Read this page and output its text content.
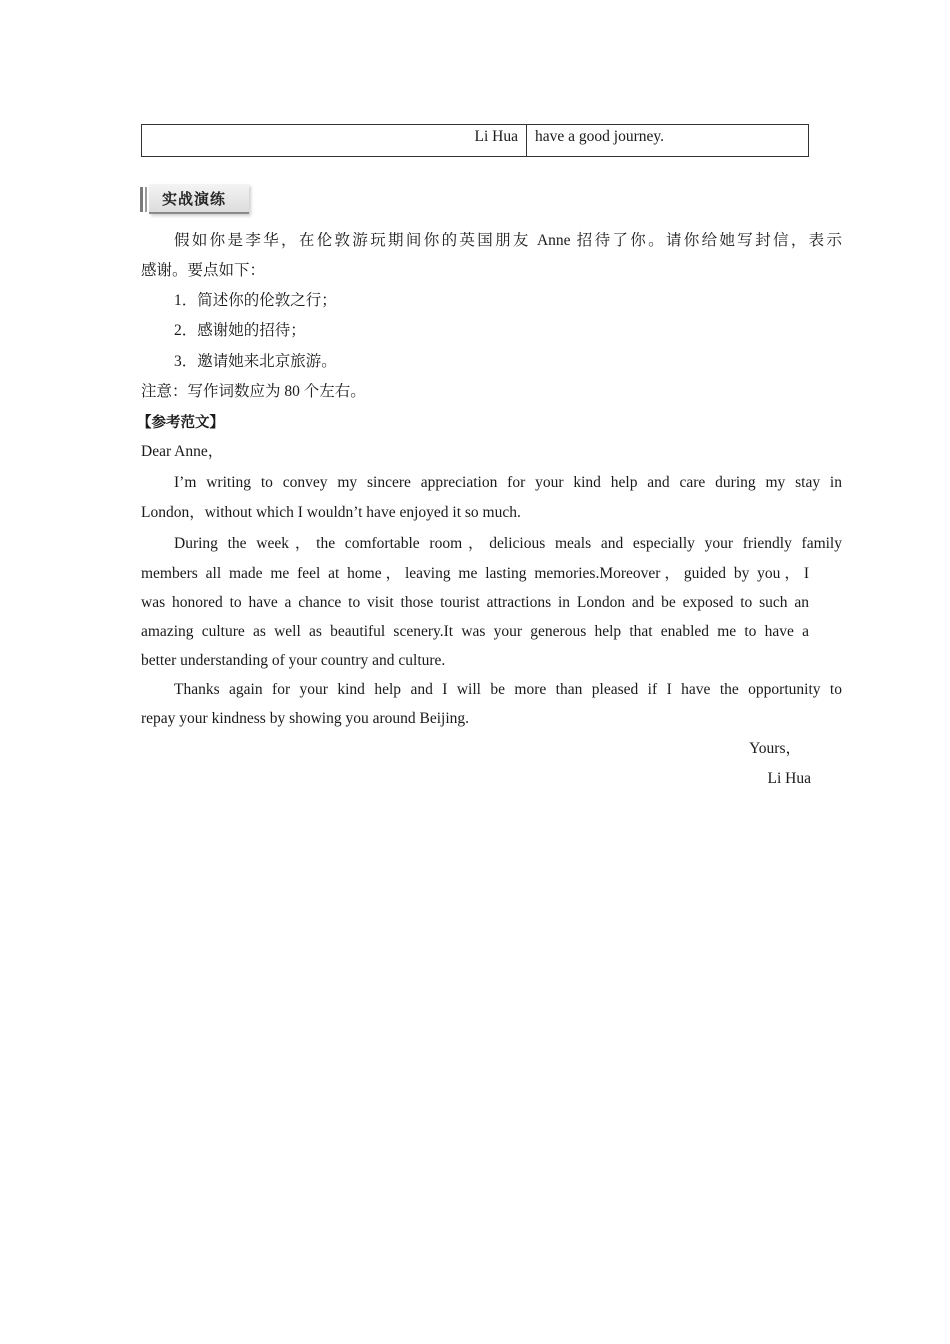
Li Hua	have a good journey.
实战演练
假如你是李华，在伦敦游玩期间你的英国朋友 Anne 招待了你。请你给她写封信，表示
感谢。要点如下：
1．简述你的伦敦之行；
2．感谢她的招待；
3．邀请她来北京旅游。
注意：写作词数应为 80 个左右。
【参考范文】
Dear Anne，
I’m writing to convey my sincere appreciation for your kind help and care during my stay in
London，without which I wouldn’t have enjoyed it so much.
During the week，the comfortable room，delicious meals and especially your friendly family
members all made me feel at home，leaving me lasting memories.Moreover，guided by you，I
was honored to have a chance to visit those tourist attractions in London and be exposed to such an
amazing culture as well as beautiful scenery.It was your generous help that enabled me to have a
better understanding of your country and culture.
Thanks again for your kind help and I will be more than pleased if I have the opportunity to
repay your kindness by showing you around Beijing.
Yours，
Li Hua
